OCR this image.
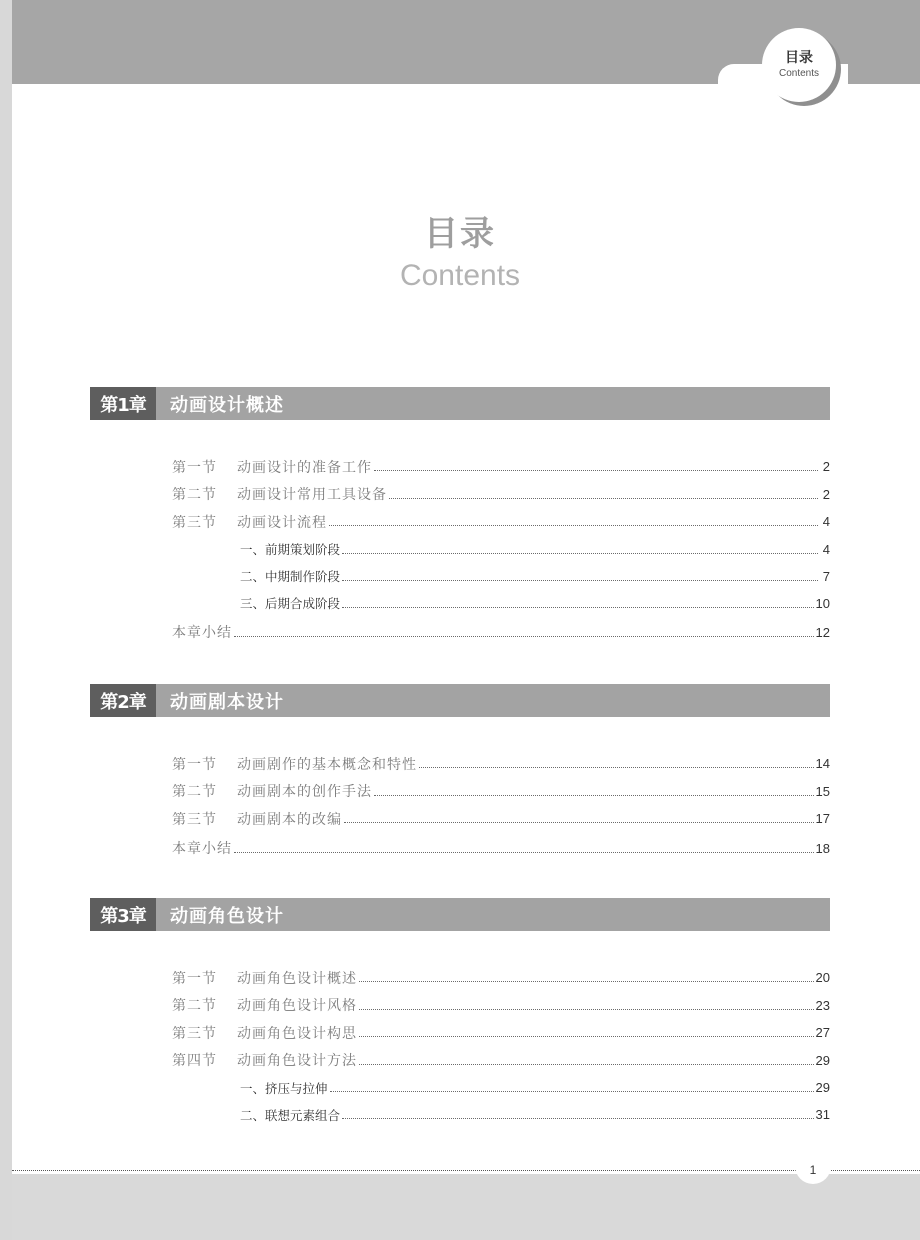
目录
Contents
目录
Contents
第1章	动画设计概述
第一节	动画设计的准备工作	2
第二节	动画设计常用工具设备	2
第三节	动画设计流程	4
一、前期策划阶段	4
二、中期制作阶段	7
三、后期合成阶段	10
本章小结	12
第2章	动画剧本设计
第一节	动画剧作的基本概念和特性	14
第二节	动画剧本的创作手法	15
第三节	动画剧本的改编	17
本章小结	18
第3章	动画角色设计
第一节	动画角色设计概述	20
第二节	动画角色设计风格	23
第三节	动画角色设计构思	27
第四节	动画角色设计方法	29
一、挤压与拉伸	29
二、联想元素组合	31
1
